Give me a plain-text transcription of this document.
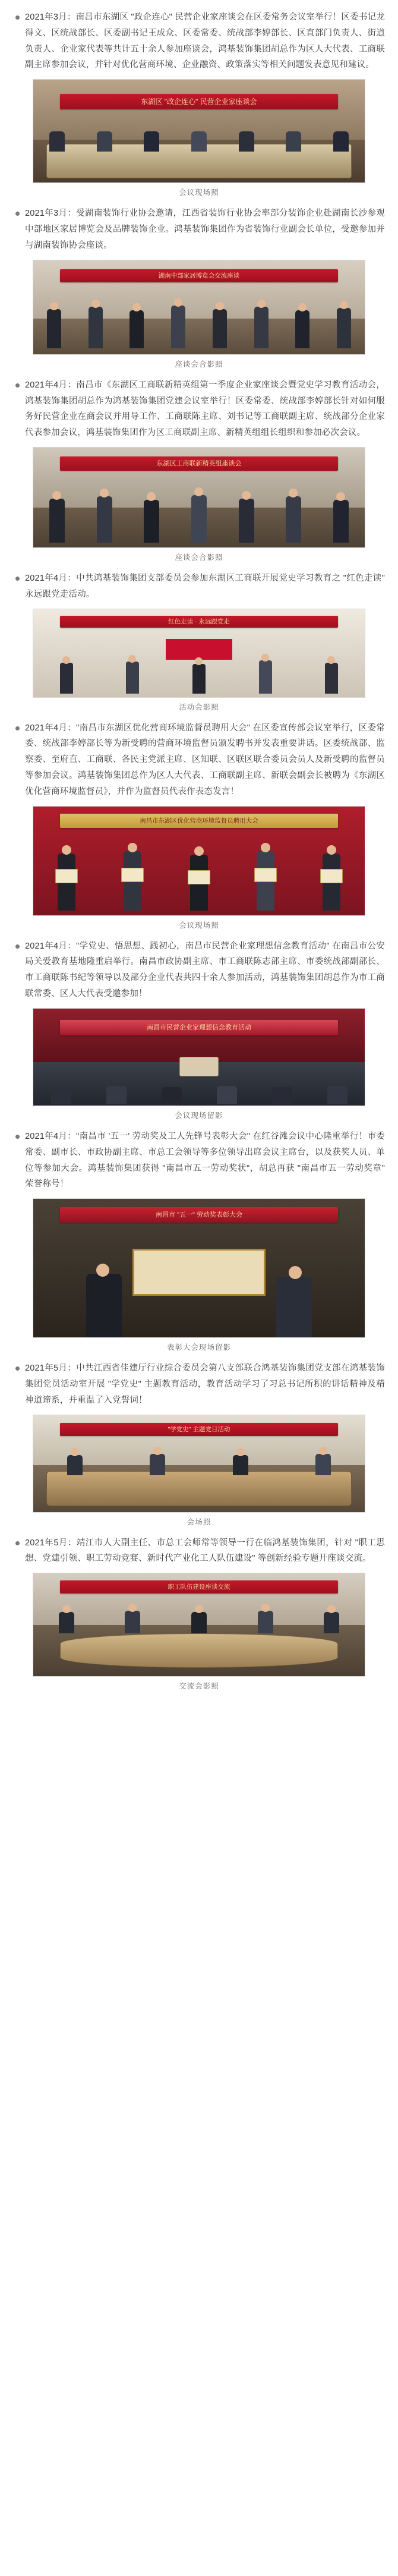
2021年3月：南昌市东湖区 "政企连心" 民营企业家座谈会在区委常务会议室举行！区委书记龙得文、区统战部长、区委副书记王成众、区委常委、统战部李婷部长、区直部门负责人、街道负责人、企业家代表等共计五十余人参加座谈会，鸿基装饰集团胡总作为区人大代表、工商联副主席参加会议，并针对优化营商环境、企业融资、政策落实等相关问题发表意见和建议。
东湖区 "政企连心" 民营企业家座谈会
会议现场照
2021年3月：受湖南装饰行业协会邀请，江西省装饰行业协会率部分装饰企业赴湖南长沙参观中部地区家居博览会及品牌装饰企业。鸿基装饰集团作为省装饰行业副会长单位，受邀参加并与湖南装饰协会座谈。
湖南中部家居博览会交流座谈
座谈会合影照
2021年4月：南昌市《东湖区工商联新精英组第一季度企业家座谈会暨党史学习教育活动会，鸿基装饰集团胡总作为鸿基装饰集团党建会议室举行！区委常委、统战部李婷部长针对如何服务好民营企业在商会议并用导工作、工商联陈主席、刘书记等工商联副主席、统战部分企业家代表参加会议，鸿基装饰集团作为区工商联副主席、新精英组组长组织和参加必次会议。
东湖区工商联新精英组座谈会
座谈会合影照
2021年4月：中共鸿基装饰集团支部委员会参加东湖区工商联开展党史学习教育之 "红色走读" 永远跟党走活动。
红色走读 · 永远跟党走
活动会影照
2021年4月："南昌市东湖区优化营商环境监督员聘用大会" 在区委宣传部会议室举行，区委常委、统战部李婷部长等为新受聘的营商环境监督员颁发聘书并发表重要讲话。区委统战部、监察委、至府直、工商联、各民主党派主席、区知联、区联区联合委员会员人及新受聘的监督员等参加会议。鸿基装饰集团总作为区人大代表、工商联副主席、新联会副会长被聘为《东湖区优化营商环境监督员》，并作为监督员代表作表态发言！
南昌市东湖区优化营商环境监督员聘用大会
会议现场照
2021年4月："学党史、悟思想、践初心，南昌市民营企业家理想信念教育活动" 在南昌市公安局关爱教育基地隆重启举行。南昌市政协副主席、市工商联陈志部主席、市委统战部副部长、市工商联陈书纪等领导以及部分企业代表共四十余人参加活动，鸿基装饰集团胡总作为市工商联常委、区人大代表受邀参加！
南昌市民营企业家理想信念教育活动
会议现场留影
2021年4月："南昌市 '五一' 劳动奖及工人先锋号表彰大会" 在红谷滩会议中心隆重举行！市委常委、副市长、市政协副主席、市总工会领导等多位领导出席会议主席台，以及获奖人员、单位等参加大会。鸿基装饰集团获得 "南昌市五一劳动奖状"，胡总再获 "南昌市五一劳动奖章" 荣誉称号！
南昌市 "五一" 劳动奖表彰大会
表彰大会现场留影
2021年5月：中共江西省佳建厅行业综合委员会第八支部联合鸿基装饰集团党支部在鸿基装饰集团党员活动室开展 "学党史" 主题教育活动，教育活动学习了习总书记所积的讲话精神及精神道谛系，并重温了入党誓词！
"学党史" 主题党日活动
会场照
2021年5月：靖江市人大副主任、市总工会师常等领导一行在临鸿基装饰集团，针对 "职工思想、党建引领、职工劳动竞赛、新时代产业化工人队伍建设" 等创新经验专题开座谈交流。
职工队伍建设座谈交流
交流会影照
